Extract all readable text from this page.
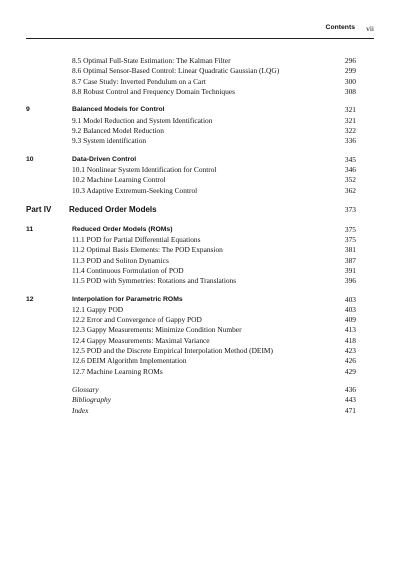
Contents vii
8.5 Optimal Full-State Estimation: The Kalman Filter	296
8.6 Optimal Sensor-Based Control: Linear Quadratic Gaussian (LQG)	299
8.7 Case Study: Inverted Pendulum on a Cart	300
8.8 Robust Control and Frequency Domain Techniques	308
9	Balanced Models for Control	321
9.1 Model Reduction and System Identification	321
9.2 Balanced Model Reduction	322
9.3 System identification	336
10	Data-Driven Control	345
10.1 Nonlinear System Identification for Control	346
10.2 Machine Learning Control	352
10.3 Adaptive Extremum-Seeking Control	362
Part IV Reduced Order Models	373
11	Reduced Order Models (ROMs)	375
11.1 POD for Partial Differential Equations	375
11.2 Optimal Basis Elements: The POD Expansion	381
11.3 POD and Soliton Dynamics	387
11.4 Continuous Formulation of POD	391
11.5 POD with Symmetries: Rotations and Translations	396
12	Interpolation for Parametric ROMs	403
12.1 Gappy POD	403
12.2 Error and Convergence of Gappy POD	409
12.3 Gappy Measurements: Minimize Condition Number	413
12.4 Gappy Measurements: Maximal Variance	418
12.5 POD and the Discrete Empirical Interpolation Method (DEIM)	423
12.6 DEIM Algorithm Implementation	426
12.7 Machine Learning ROMs	429
Glossary	436
Bibliography	443
Index	471
